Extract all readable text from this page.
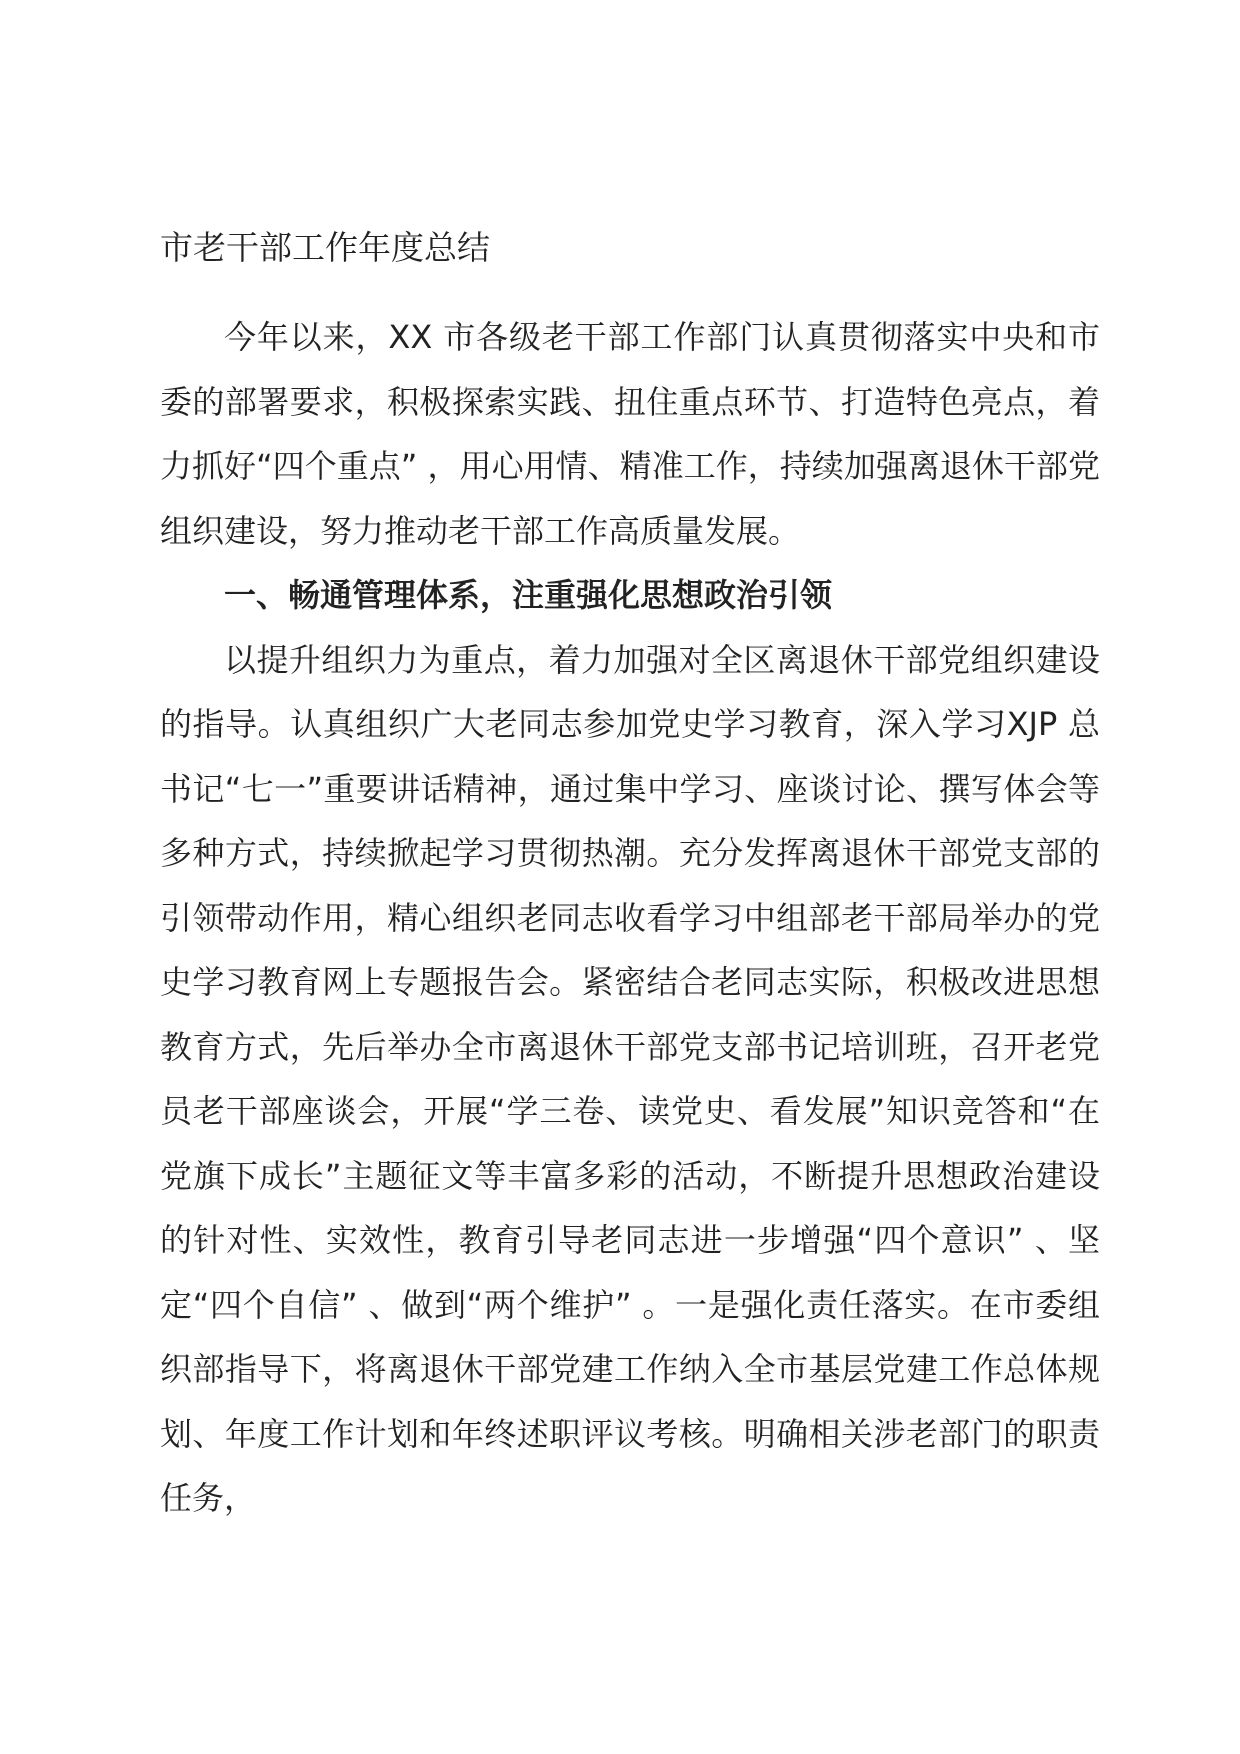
市老干部工作年度总结

今年以来，XX 市各级老干部工作部门认真贯彻落实中央和市委的部署要求，积极探索实践、扭住重点环节、打造特色亮点，着力抓好“四个重点” ，用心用情、精准工作，持续加强离退休干部党组织建设，努力推动老干部工作高质量发展。

一、畅通管理体系，注重强化思想政治引领

以提升组织力为重点，着力加强对全区离退休干部党组织建设的指导。认真组织广大老同志参加党史学习教育，深入学习XJP 总书记“七一”重要讲话精神，通过集中学习、座谈讨论、撰写体会等多种方式，持续掀起学习贯彻热潮。充分发挥离退休干部党支部的引领带动作用，精心组织老同志收看学习中组部老干部局举办的党史学习教育网上专题报告会。紧密结合老同志实际，积极改进思想教育方式，先后举办全市离退休干部党支部书记培训班，召开老党员老干部座谈会，开展“学三卷、读党史、看发展”知识竞答和“在党旗下成长”主题征文等丰富多彩的活动，不断提升思想政治建设的针对性、实效性，教育引导老同志进一步增强“四个意识” 、坚定“四个自信” 、做到“两个维护” 。一是强化责任落实。在市委组织部指导下，将离退休干部党建工作纳入全市基层党建工作总体规划、年度工作计划和年终述职评议考核。明确相关涉老部门的职责任务，
